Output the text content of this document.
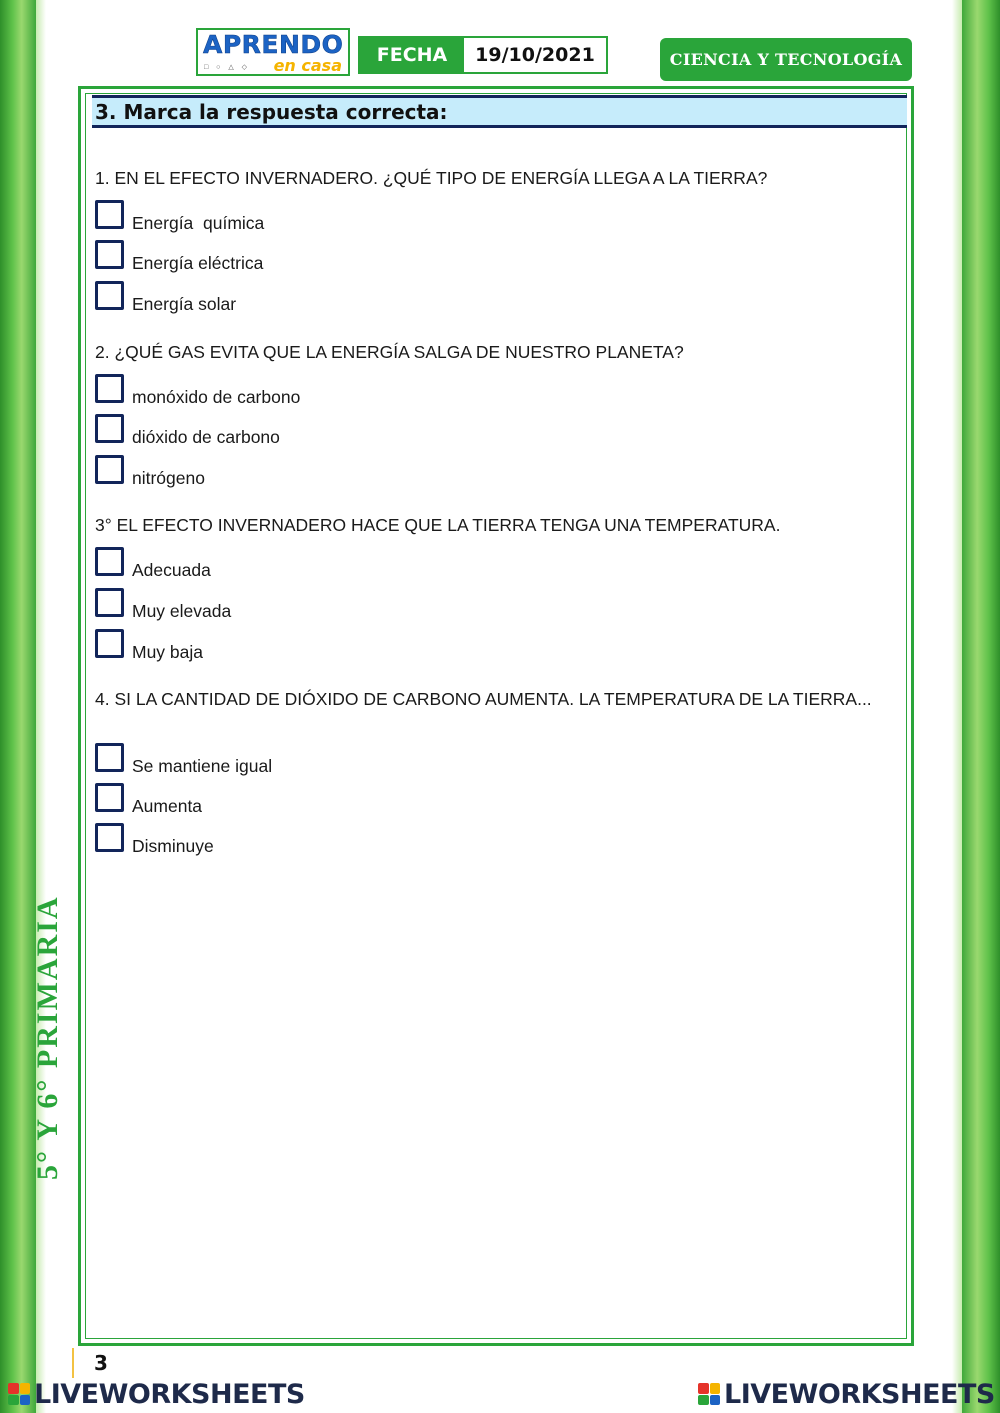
5° Y 6° PRIMARIA
APRENDO
□ ○ △ ◇ en casa	FECHA	19/10/2021	CIENCIA Y TECNOLOGÍA
3. Marca la respuesta correcta:
1. EN EL EFECTO INVERNADERO. ¿QUÉ TIPO DE ENERGÍA LLEGA A LA TIERRA?
Energía  química
Energía eléctrica
Energía solar
2. ¿QUÉ GAS EVITA QUE LA ENERGÍA SALGA DE NUESTRO PLANETA?
monóxido de carbono
dióxido de carbono
nitrógeno
3° EL EFECTO INVERNADERO HACE QUE LA TIERRA TENGA UNA TEMPERATURA.
Adecuada
Muy elevada
Muy baja
4. SI LA CANTIDAD DE DIÓXIDO DE CARBONO AUMENTA. LA TEMPERATURA DE LA TIERRA...
Se mantiene igual
Aumenta
Disminuye
3
LIVEWORKSHEETS	LIVEWORKSHEETS
